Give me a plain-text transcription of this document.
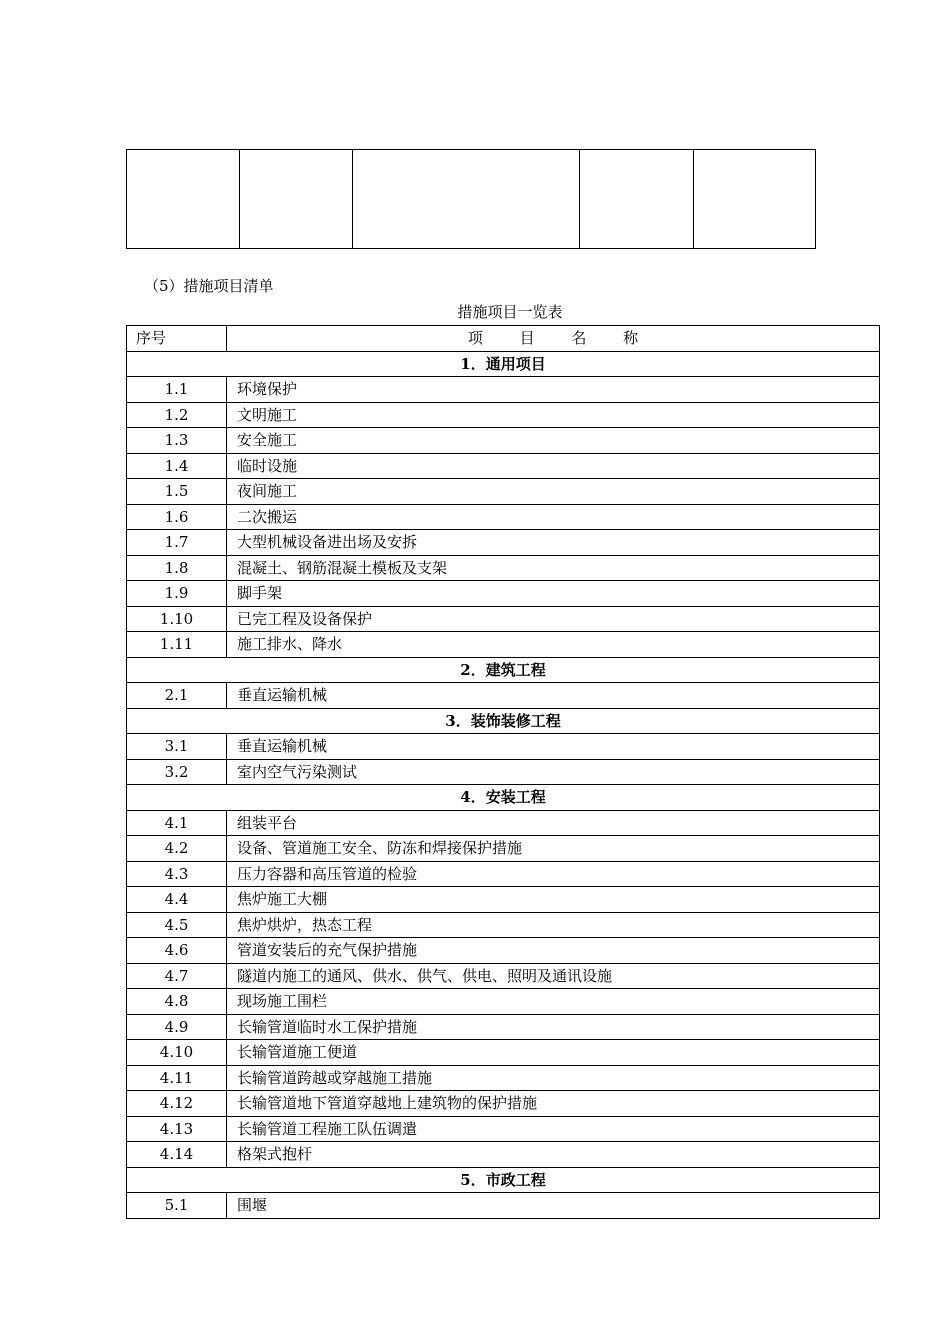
（5）措施项目清单

措施项目一览表

序号	项 目 名 称
1．通用项目	
1.1	环境保护
1.2	文明施工
1.3	安全施工
1.4	临时设施
1.5	夜间施工
1.6	二次搬运
1.7	大型机械设备进出场及安拆
1.8	混凝土、钢筋混凝土模板及支架
1.9	脚手架
1.10	已完工程及设备保护
1.11	施工排水、降水
2．建筑工程	
2.1	垂直运输机械
3．装饰装修工程	
3.1	垂直运输机械
3.2	室内空气污染测试
4．安装工程	
4.1	组装平台
4.2	设备、管道施工安全、防冻和焊接保护措施
4.3	压力容器和高压管道的检验
4.4	焦炉施工大棚
4.5	焦炉烘炉，热态工程
4.6	管道安装后的充气保护措施
4.7	隧道内施工的通风、供水、供气、供电、照明及通讯设施
4.8	现场施工围栏
4.9	长输管道临时水工保护措施
4.10	长输管道施工便道
4.11	长输管道跨越或穿越施工措施
4.12	长输管道地下管道穿越地上建筑物的保护措施
4.13	长输管道工程施工队伍调遣
4.14	格架式抱杆
5．市政工程	
5.1	围堰
